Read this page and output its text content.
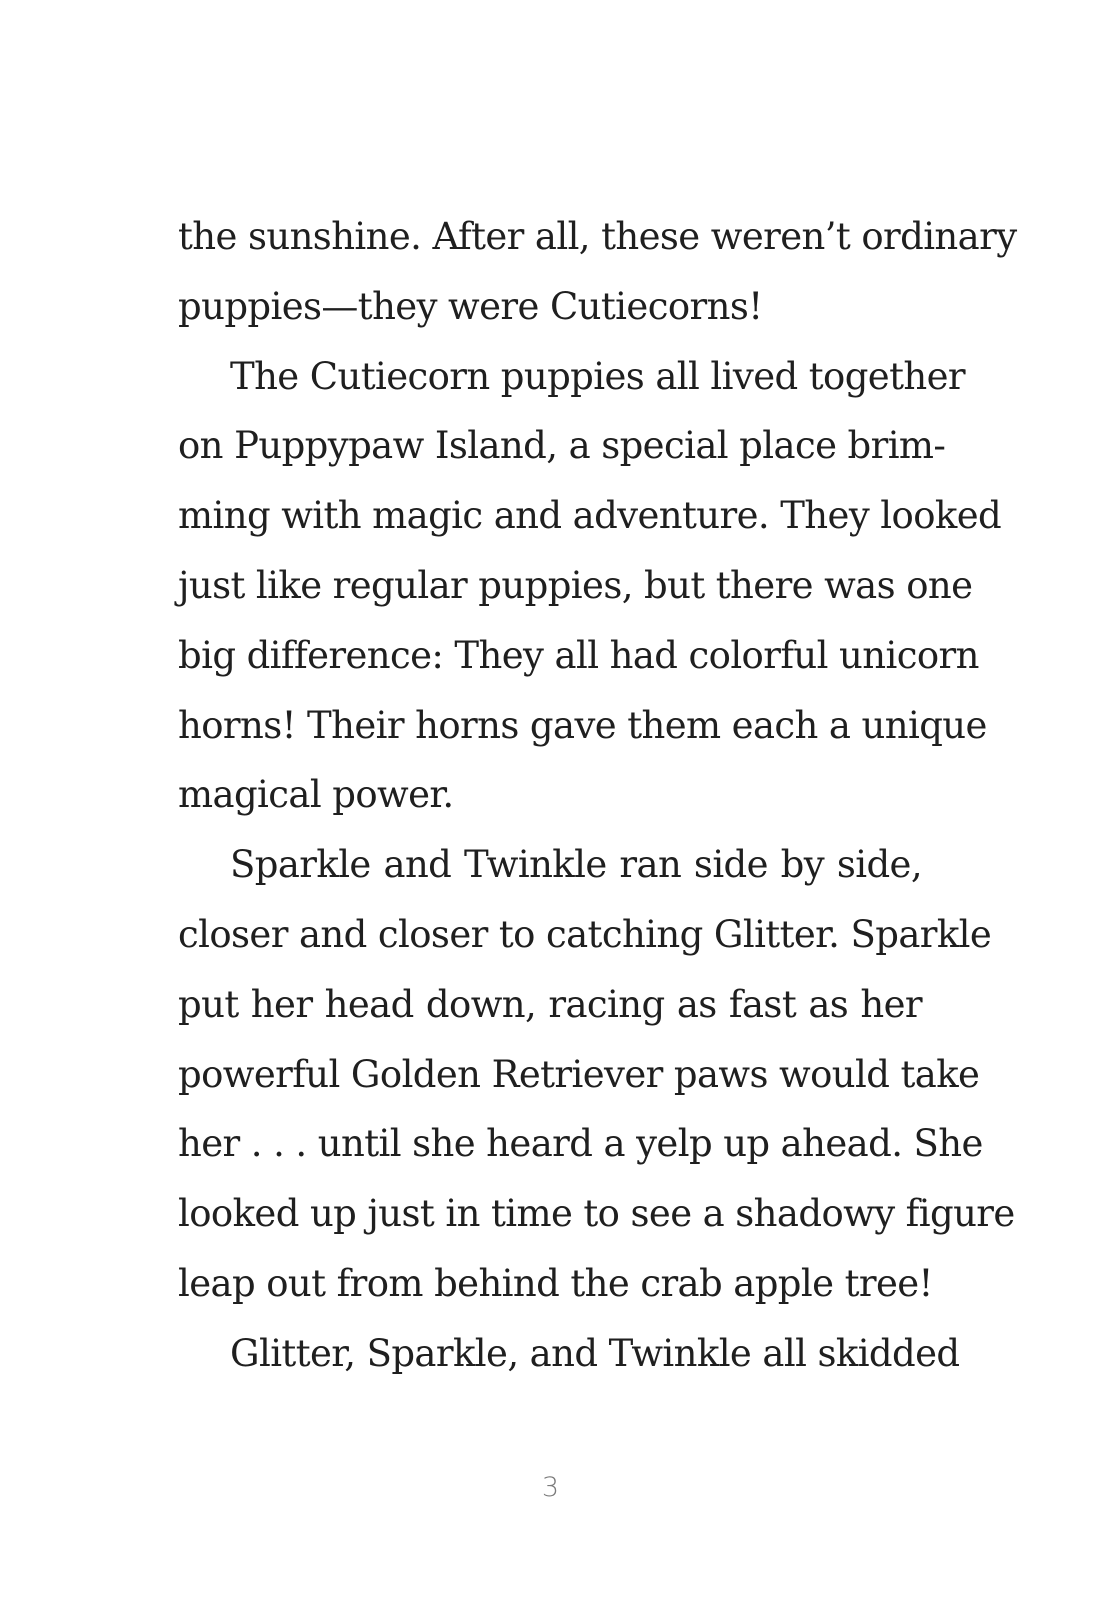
the sunshine. After all, these weren’t ordinary
puppies—they were Cutiecorns!
The Cutiecorn puppies all lived together
on Puppypaw Island, a special place brim-
ming with magic and adventure. They looked
just like regular puppies, but there was one
big difference: They all had colorful unicorn
horns! Their horns gave them each a unique
magical power.
Sparkle and Twinkle ran side by side,
closer and closer to catching Glitter. Sparkle
put her head down, racing as fast as her
powerful Golden Retriever paws would take
her . . . until she heard a yelp up ahead. She
looked up just in time to see a shadowy figure
leap out from behind the crab apple tree!
Glitter, Sparkle, and Twinkle all skidded
3
